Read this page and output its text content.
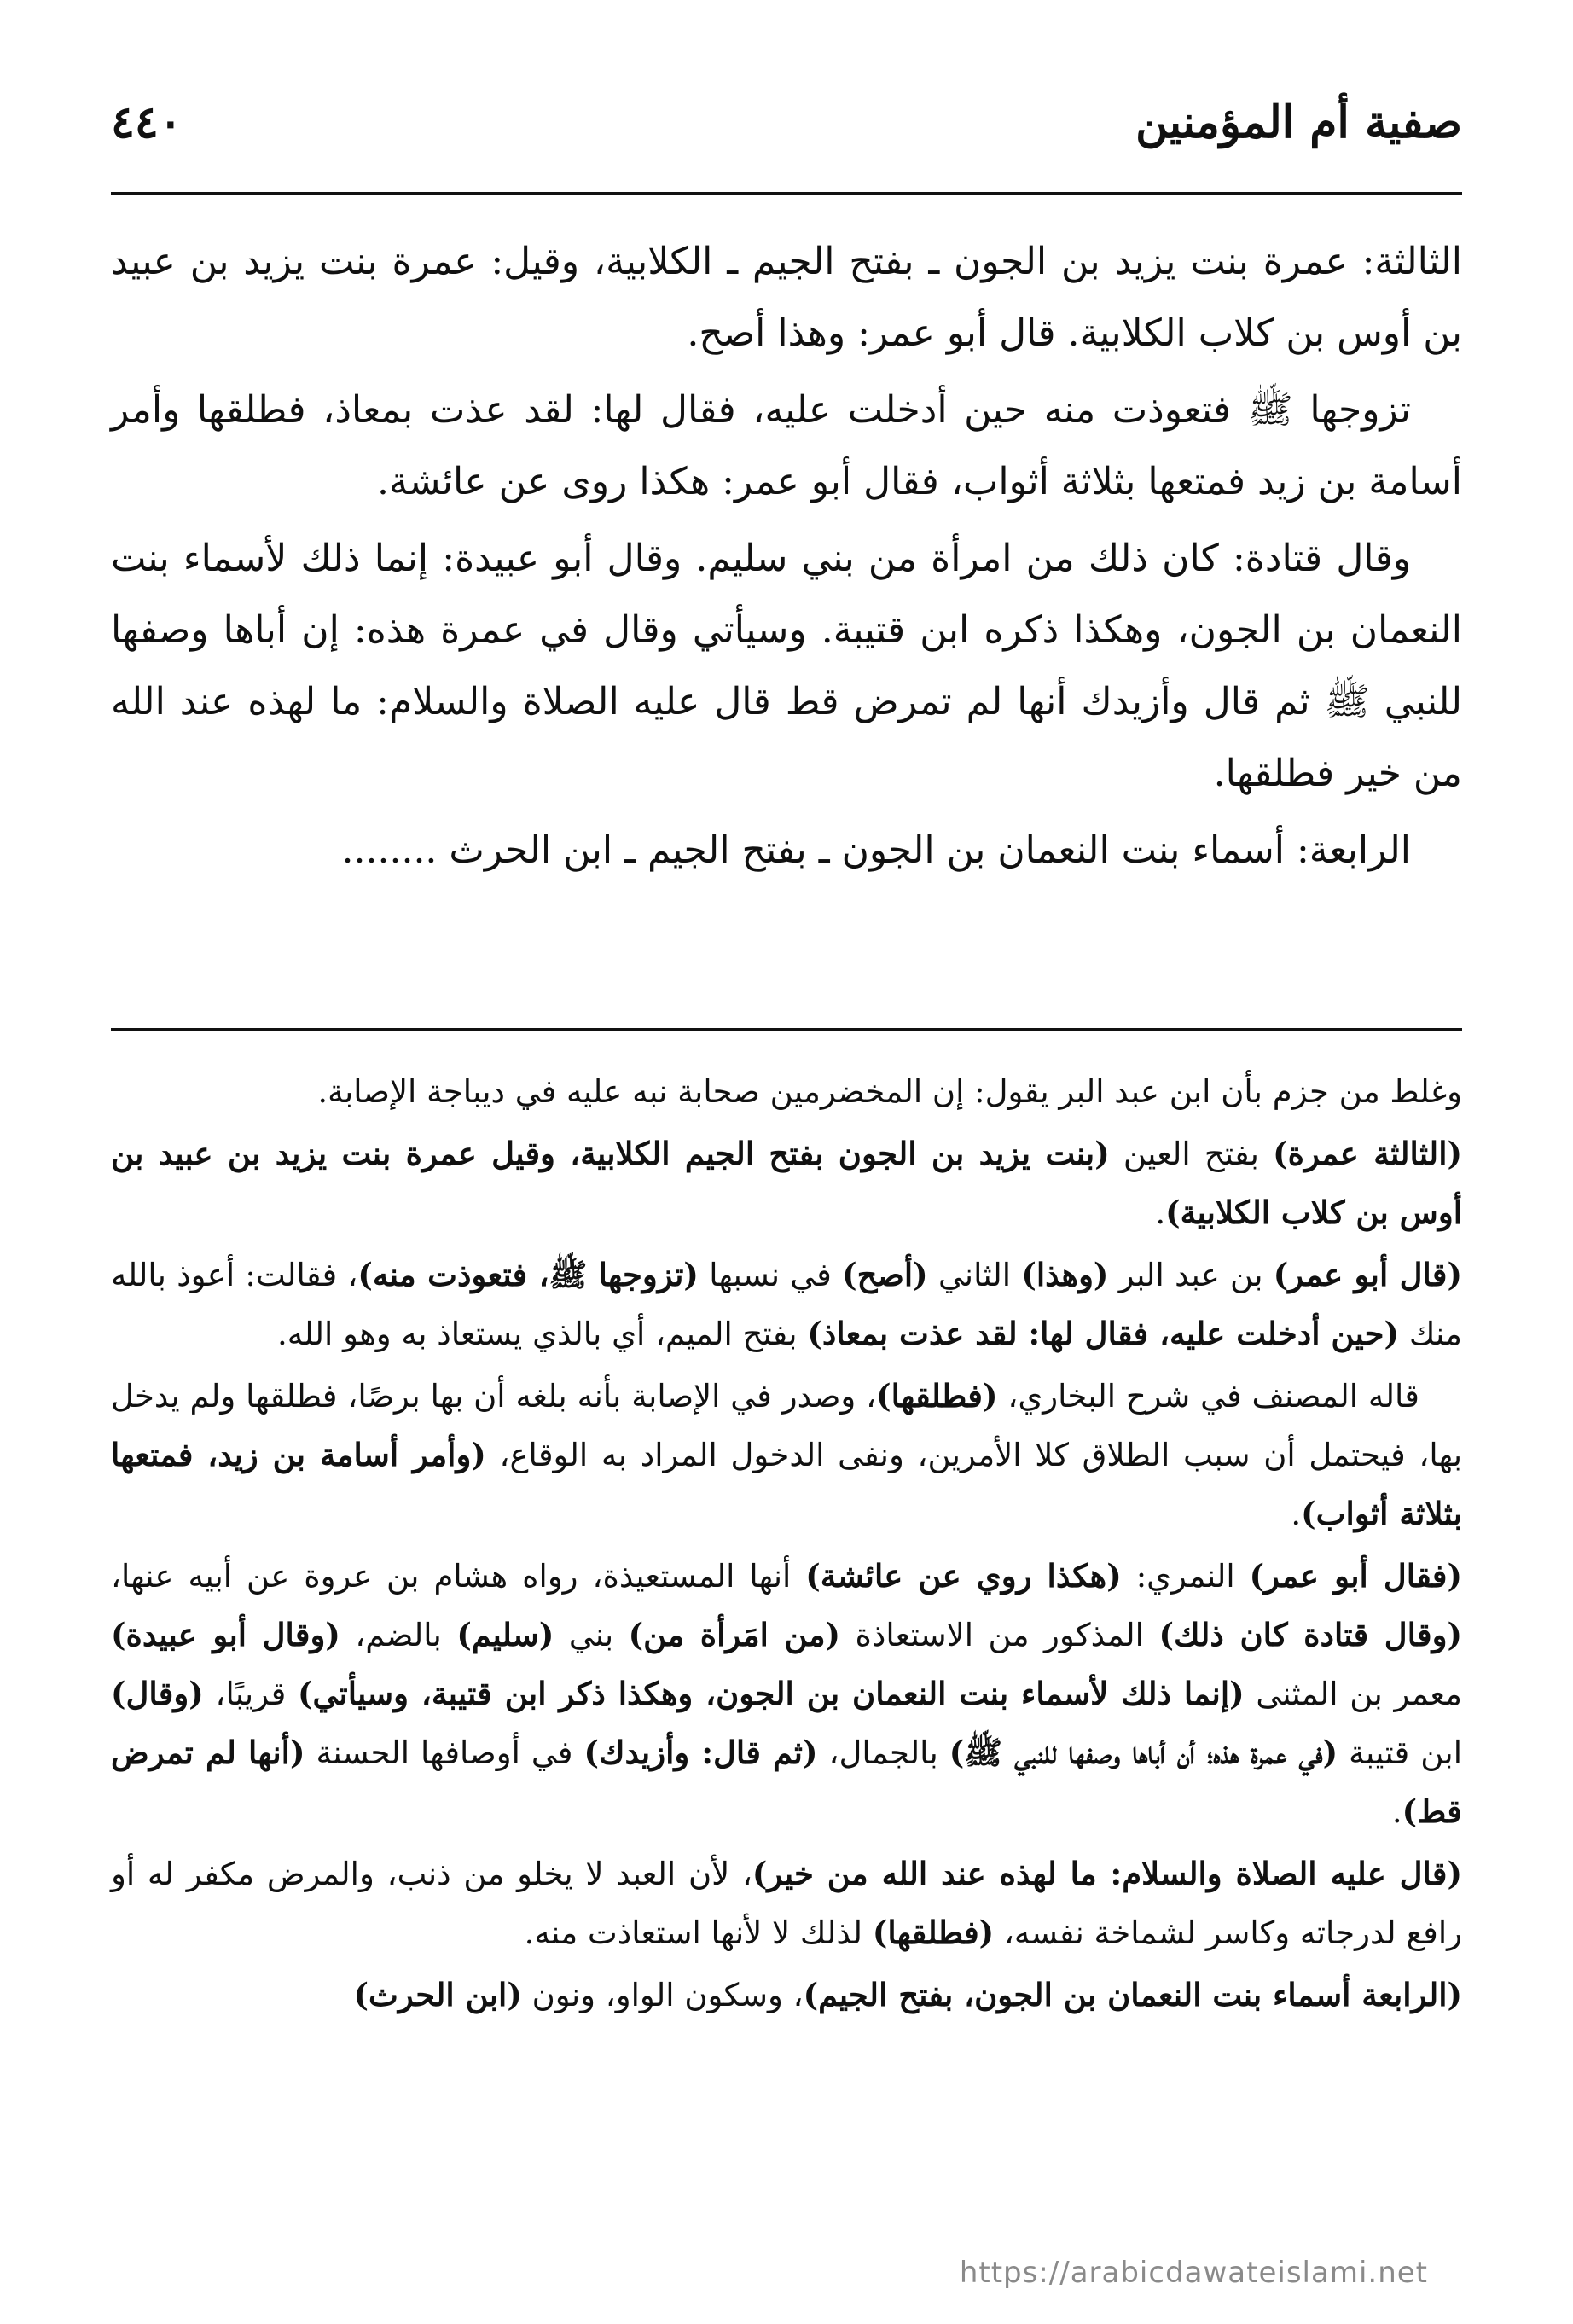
صفية أم المؤمنين
٤٤٠

الثالثة: عمرة بنت يزيد بن الجون ـ بفتح الجيم ـ الكلابية، وقيل: عمرة بنت يزيد بن عبيد بن أوس بن كلاب الكلابية. قال أبو عمر: وهذا أصح.

تزوجها ﷺ فتعوذت منه حين أدخلت عليه، فقال لها: لقد عذت بمعاذ، فطلقها وأمر أسامة بن زيد فمتعها بثلاثة أثواب، فقال أبو عمر: هكذا روى عن عائشة.

وقال قتادة: كان ذلك من امرأة من بني سليم. وقال أبو عبيدة: إنما ذلك لأسماء بنت النعمان بن الجون، وهكذا ذكره ابن قتيبة. وسيأتي وقال في عمرة هذه: إن أباها وصفها للنبي ﷺ ثم قال وأزيدك أنها لم تمرض قط قال عليه الصلاة والسلام: ما لهذه عند الله من خير فطلقها.

الرابعة: أسماء بنت النعمان بن الجون ـ بفتح الجيم ـ ابن الحرث ........

وغلط من جزم بأن ابن عبد البر يقول: إن المخضرمين صحابة نبه عليه في ديباجة الإصابة.

(الثالثة عمرة) بفتح العين (بنت يزيد بن الجون بفتح الجيم الكلابية، وقيل عمرة بنت يزيد بن عبيد بن أوس بن كلاب الكلابية).

(قال أبو عمر) بن عبد البر (وهذا) الثاني (أصح) في نسبها (تزوجها ﷺ، فتعوذت منه)، فقالت: أعوذ بالله منك (حين أدخلت عليه، فقال لها: لقد عذت بمعاذ) بفتح الميم، أي بالذي يستعاذ به وهو الله.

قاله المصنف في شرح البخاري، (فطلقها)، وصدر في الإصابة بأنه بلغه أن بها برصًا، فطلقها ولم يدخل بها، فيحتمل أن سبب الطلاق كلا الأمرين، ونفى الدخول المراد به الوقاع، (وأمر أسامة بن زيد، فمتعها بثلاثة أثواب).

(فقال أبو عمر) النمري: (هكذا روي عن عائشة) أنها المستعيذة، رواه هشام بن عروة عن أبيه عنها، (وقال قتادة كان ذلك) المذكور من الاستعاذة (من امَرأة من) بني (سليم) بالضم، (وقال أبو عبيدة) معمر بن المثنى (إنما ذلك لأسماء بنت النعمان بن الجون، وهكذا ذكر ابن قتيبة، وسيأتي) قريبًا، (وقال) ابن قتيبة (في عمرة هذه؛ أن أباها وصفها للنبي ﷺ) بالجمال، (ثم قال: وأزيدك) في أوصافها الحسنة (أنها لم تمرض قط).

(قال عليه الصلاة والسلام: ما لهذه عند الله من خير)، لأن العبد لا يخلو من ذنب، والمرض مكفر له أو رافع لدرجاته وكاسر لشماخة نفسه، (فطلقها) لذلك لا لأنها استعاذت منه.

(الرابعة أسماء بنت النعمان بن الجون، بفتح الجيم)، وسكون الواو، ونون (ابن الحرث)

https://arabicdawateislami.net
